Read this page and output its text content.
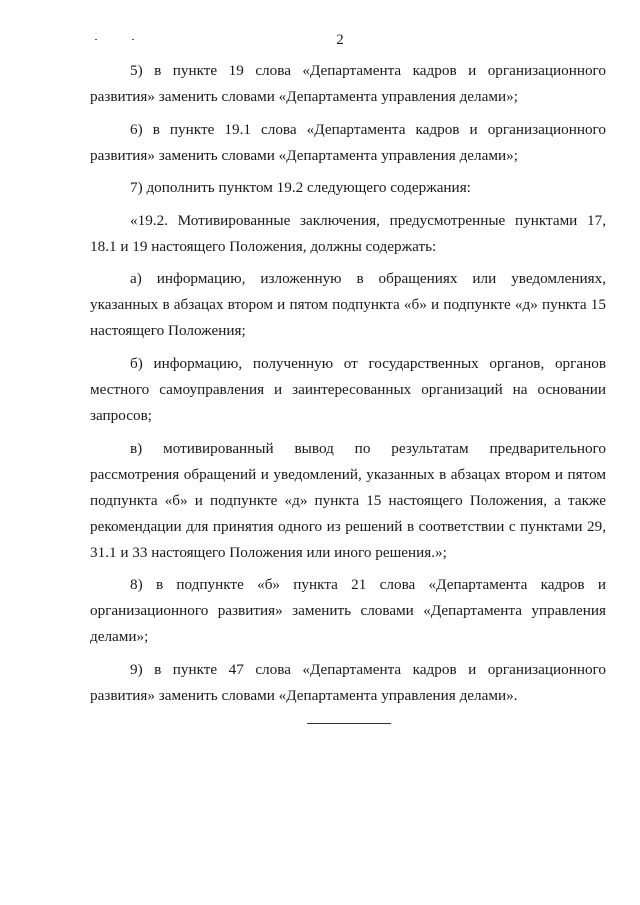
2

5) в пункте 19 слова «Департамента кадров и организационного развития» заменить словами «Департамента управления делами»;

6) в пункте 19.1 слова «Департамента кадров и организационного развития» заменить словами «Департамента управления делами»;

7) дополнить пунктом 19.2 следующего содержания:

«19.2. Мотивированные заключения, предусмотренные пунктами 17, 18.1 и 19 настоящего Положения, должны содержать:

а) информацию, изложенную в обращениях или уведомлениях, указанных в абзацах втором и пятом подпункта «б» и подпункте «д» пункта 15 настоящего Положения;

б) информацию, полученную от государственных органов, органов местного самоуправления и заинтересованных организаций на основании запросов;

в) мотивированный вывод по результатам предварительного рассмотрения обращений и уведомлений, указанных в абзацах втором и пятом подпункта «б» и подпункте «д» пункта 15 настоящего Положения, а также рекомендации для принятия одного из решений в соответствии с пунктами 29, 31.1 и 33 настоящего Положения или иного решения.»;

8) в подпункте «б» пункта 21 слова «Департамента кадров и организационного развития» заменить словами «Департамента управления делами»;

9) в пункте 47 слова «Департамента кадров и организационного развития» заменить словами «Департамента управления делами».
